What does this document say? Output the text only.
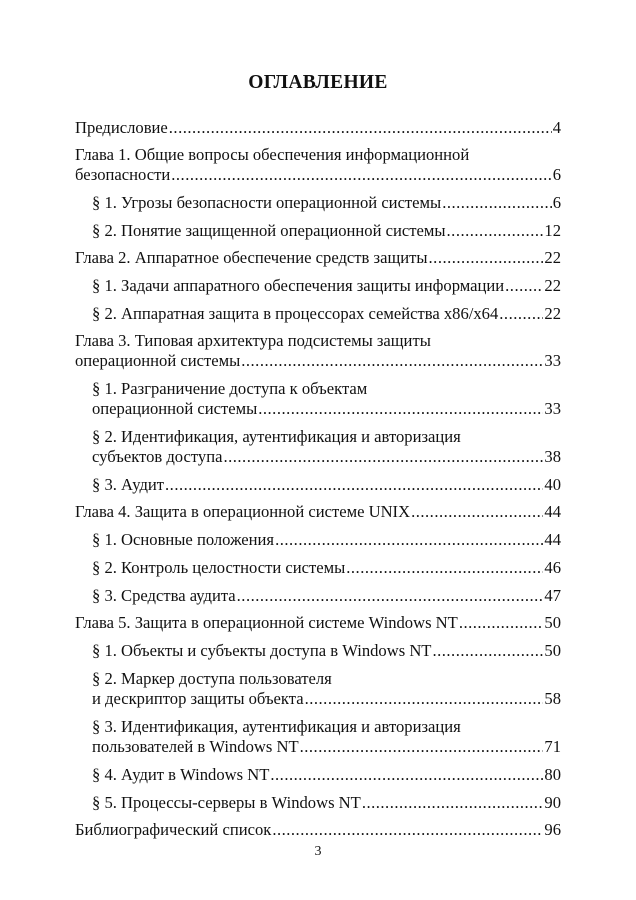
ОГЛАВЛЕНИЕ
Предисловие .....	4
Глава 1. Общие вопросы обеспечения информационной
безопасности .....	6
§ 1. Угрозы безопасности операционной системы .....	6
§ 2. Понятие защищенной операционной системы .....	12
Глава 2. Аппаратное обеспечение средств защиты .....	22
§ 1. Задачи аппаратного обеспечения защиты информации ..... 22
§ 2. Аппаратная защита в процессорах семейства x86/x64 .....	22
Глава 3. Типовая архитектура подсистемы защиты
операционной системы .....	33
§ 1. Разграничение доступа к объектам
операционной системы .....	33
§ 2. Идентификация, аутентификация и авторизация
субъектов доступа .....	38
§ 3. Аудит .....	40
Глава 4. Защита в операционной системе UNIX .....	44
§ 1. Основные положения .....	44
§ 2. Контроль целостности системы .....	46
§ 3. Средства аудита .....	47
Глава 5. Защита в операционной системе Windows NT .....	50
§ 1. Объекты и субъекты доступа в Windows NT .....	50
§ 2. Маркер доступа пользователя
и дескриптор защиты объекта .....	58
§ 3. Идентификация, аутентификация и авторизация
пользователей в Windows NT .....	71
§ 4. Аудит в Windows NT .....	80
§ 5. Процессы-серверы в Windows NT .....	90
Библиографический список .....	96
3
